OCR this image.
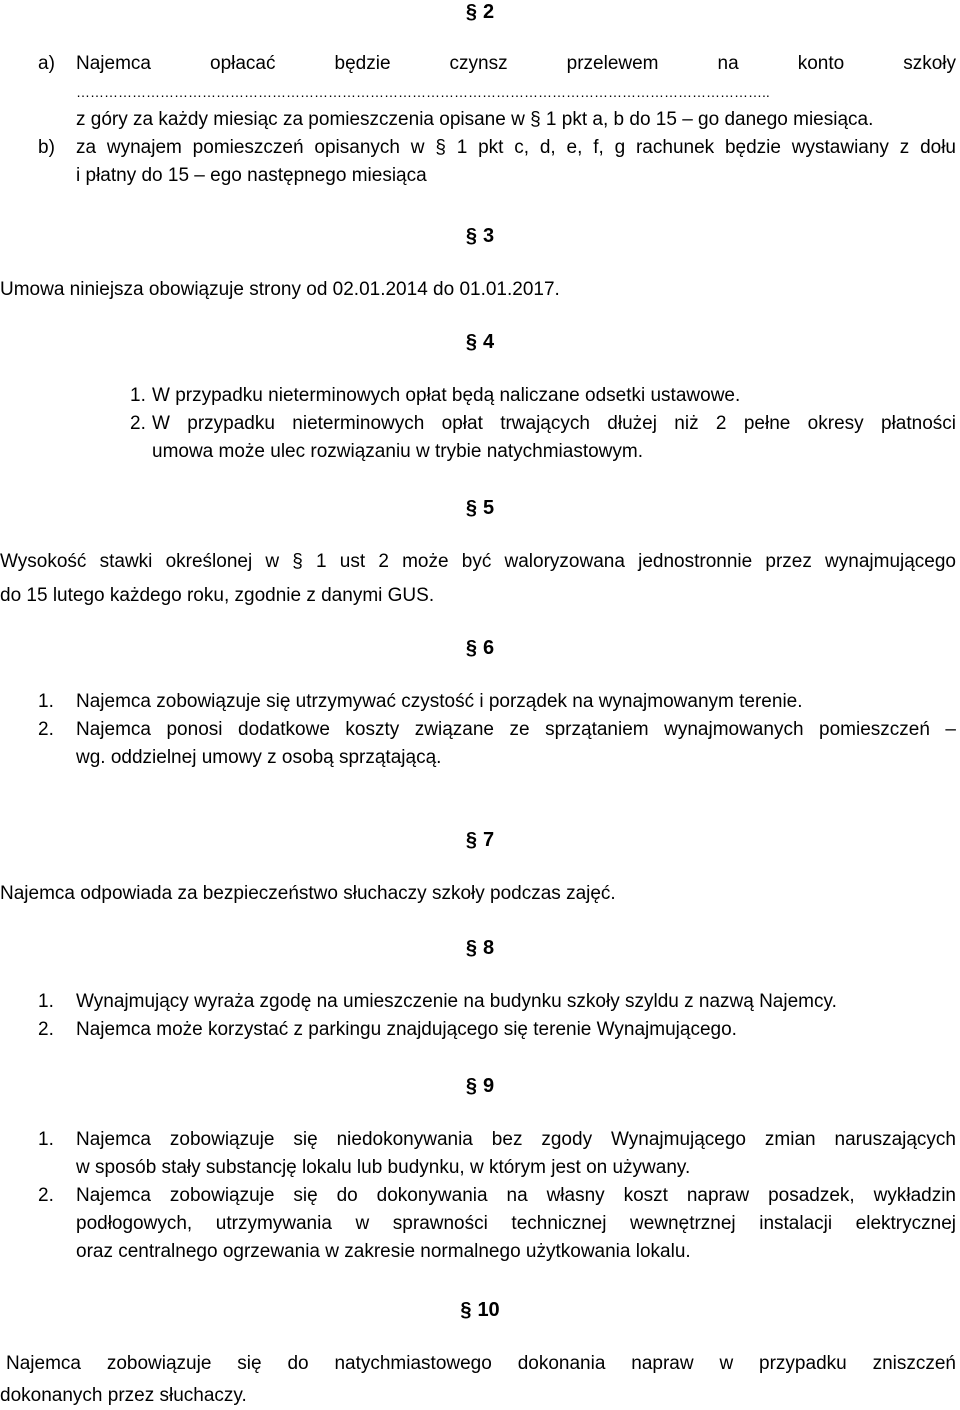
§ 2
a) Najemca opłacać będzie czynsz przelewem na konto szkoły
…………………………………………………………………………………………………………………………………..
z góry za każdy miesiąc za pomieszczenia opisane w § 1 pkt a, b do 15 – go danego miesiąca.
b) za wynajem pomieszczeń opisanych w § 1 pkt c, d, e, f, g rachunek będzie wystawiany z dołu
i płatny do 15 – ego następnego miesiąca
§ 3
Umowa niniejsza obowiązuje strony od 02.01.2014 do 01.01.2017.
§ 4
1. W przypadku nieterminowych opłat będą naliczane odsetki ustawowe.
2. W przypadku nieterminowych opłat trwających dłużej niż 2 pełne okresy płatności
umowa może ulec rozwiązaniu w trybie natychmiastowym.
§ 5
Wysokość stawki określonej w § 1 ust 2 może być waloryzowana jednostronnie przez wynajmującego
do 15 lutego każdego roku, zgodnie z danymi GUS.
§ 6
1. Najemca zobowiązuje się utrzymywać czystość i porządek na wynajmowanym terenie.
2. Najemca ponosi dodatkowe koszty związane ze sprzątaniem wynajmowanych pomieszczeń –
wg. oddzielnej umowy z osobą sprzątającą.
§ 7
Najemca odpowiada za bezpieczeństwo słuchaczy szkoły podczas zajęć.
§ 8
1. Wynajmujący wyraża zgodę na umieszczenie na budynku szkoły szyldu z nazwą Najemcy.
2. Najemca może korzystać z parkingu znajdującego się terenie Wynajmującego.
§ 9
1. Najemca zobowiązuje się niedokonywania bez zgody Wynajmującego zmian naruszających
w sposób stały substancję lokalu lub budynku, w którym jest on używany.
2. Najemca zobowiązuje się do dokonywania na własny koszt napraw posadzek, wykładzin
podłogowych, utrzymywania w sprawności technicznej wewnętrznej instalacji elektrycznej
oraz centralnego ogrzewania w zakresie normalnego użytkowania lokalu.
§ 10
Najemca zobowiązuje się do natychmiastowego dokonania napraw w przypadku zniszczeń
dokonanych przez słuchaczy.
